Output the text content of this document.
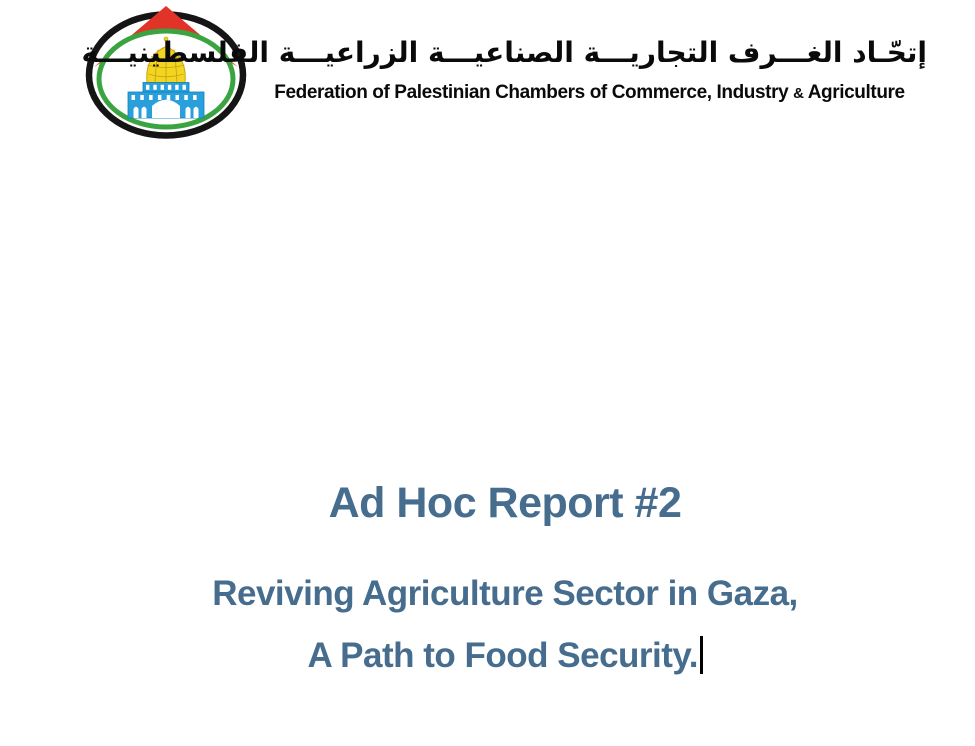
إتحّـاد الغـــرف التجاريـــة الصناعيـــة الزراعيـــة الفلسطينيـــة
Federation of Palestinian Chambers of Commerce, Industry & Agriculture
Ad Hoc Report #2

Reviving Agriculture Sector in Gaza,

A Path to Food Security.
